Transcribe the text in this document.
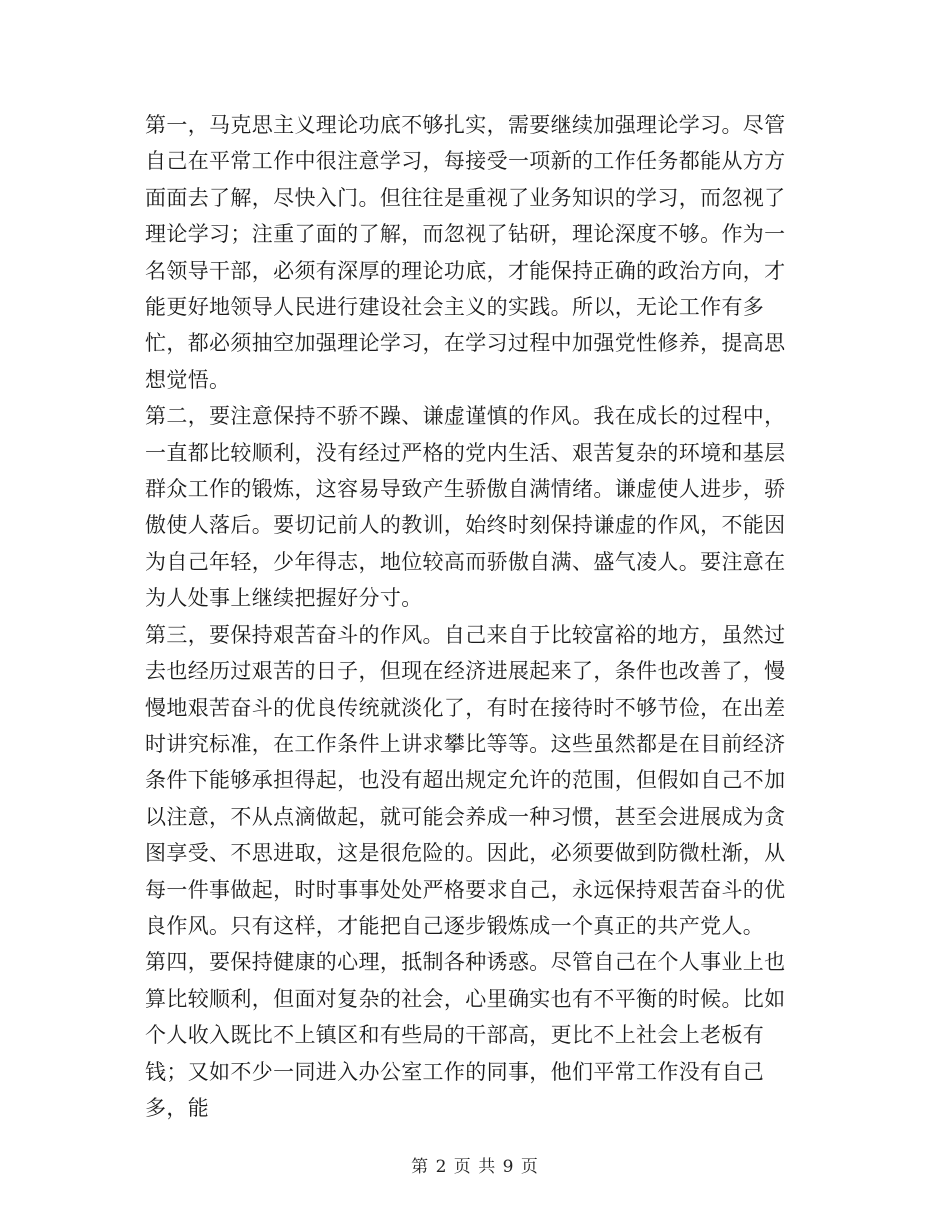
第一，马克思主义理论功底不够扎实，需要继续加强理论学习。尽管自己在平常工作中很注意学习，每接受一项新的工作任务都能从方方面面去了解，尽快入门。但往往是重视了业务知识的学习，而忽视了理论学习；注重了面的了解，而忽视了钻研，理论深度不够。作为一名领导干部，必须有深厚的理论功底，才能保持正确的政治方向，才能更好地领导人民进行建设社会主义的实践。所以，无论工作有多忙，都必须抽空加强理论学习，在学习过程中加强党性修养，提高思想觉悟。

第二，要注意保持不骄不躁、谦虚谨慎的作风。我在成长的过程中，一直都比较顺利，没有经过严格的党内生活、艰苦复杂的环境和基层群众工作的锻炼，这容易导致产生骄傲自满情绪。谦虚使人进步，骄傲使人落后。要切记前人的教训，始终时刻保持谦虚的作风，不能因为自己年轻，少年得志，地位较高而骄傲自满、盛气凌人。要注意在为人处事上继续把握好分寸。

第三，要保持艰苦奋斗的作风。自己来自于比较富裕的地方，虽然过去也经历过艰苦的日子，但现在经济进展起来了，条件也改善了，慢慢地艰苦奋斗的优良传统就淡化了，有时在接待时不够节俭，在出差时讲究标准，在工作条件上讲求攀比等等。这些虽然都是在目前经济条件下能够承担得起，也没有超出规定允许的范围，但假如自己不加以注意，不从点滴做起，就可能会养成一种习惯，甚至会进展成为贪图享受、不思进取，这是很危险的。因此，必须要做到防微杜渐，从每一件事做起，时时事事处处严格要求自己，永远保持艰苦奋斗的优良作风。只有这样，才能把自己逐步锻炼成一个真正的共产党人。

第四，要保持健康的心理，抵制各种诱惑。尽管自己在个人事业上也算比较顺利，但面对复杂的社会，心里确实也有不平衡的时候。比如个人收入既比不上镇区和有些局的干部高，更比不上社会上老板有钱；又如不少一同进入办公室工作的同事，他们平常工作没有自己多，能

第 2 页 共 9 页
